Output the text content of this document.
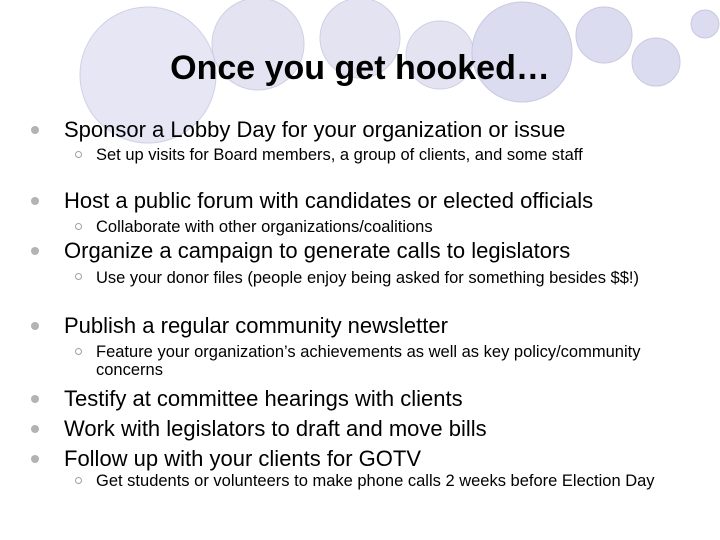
Once you get hooked…
Sponsor a Lobby Day for your organization or issue
Set up visits for Board members, a group of clients, and some staff
Host a public forum with candidates or elected officials
Collaborate with other organizations/coalitions
Organize a campaign to generate calls to legislators
Use your donor files (people enjoy being asked for something besides $$!)
Publish a regular community newsletter
Feature your organization’s achievements as well as key policy/community concerns
Testify at committee hearings with clients
Work with legislators to draft and move bills
Follow up with your clients for GOTV
Get students or volunteers to make phone calls 2 weeks before Election Day
